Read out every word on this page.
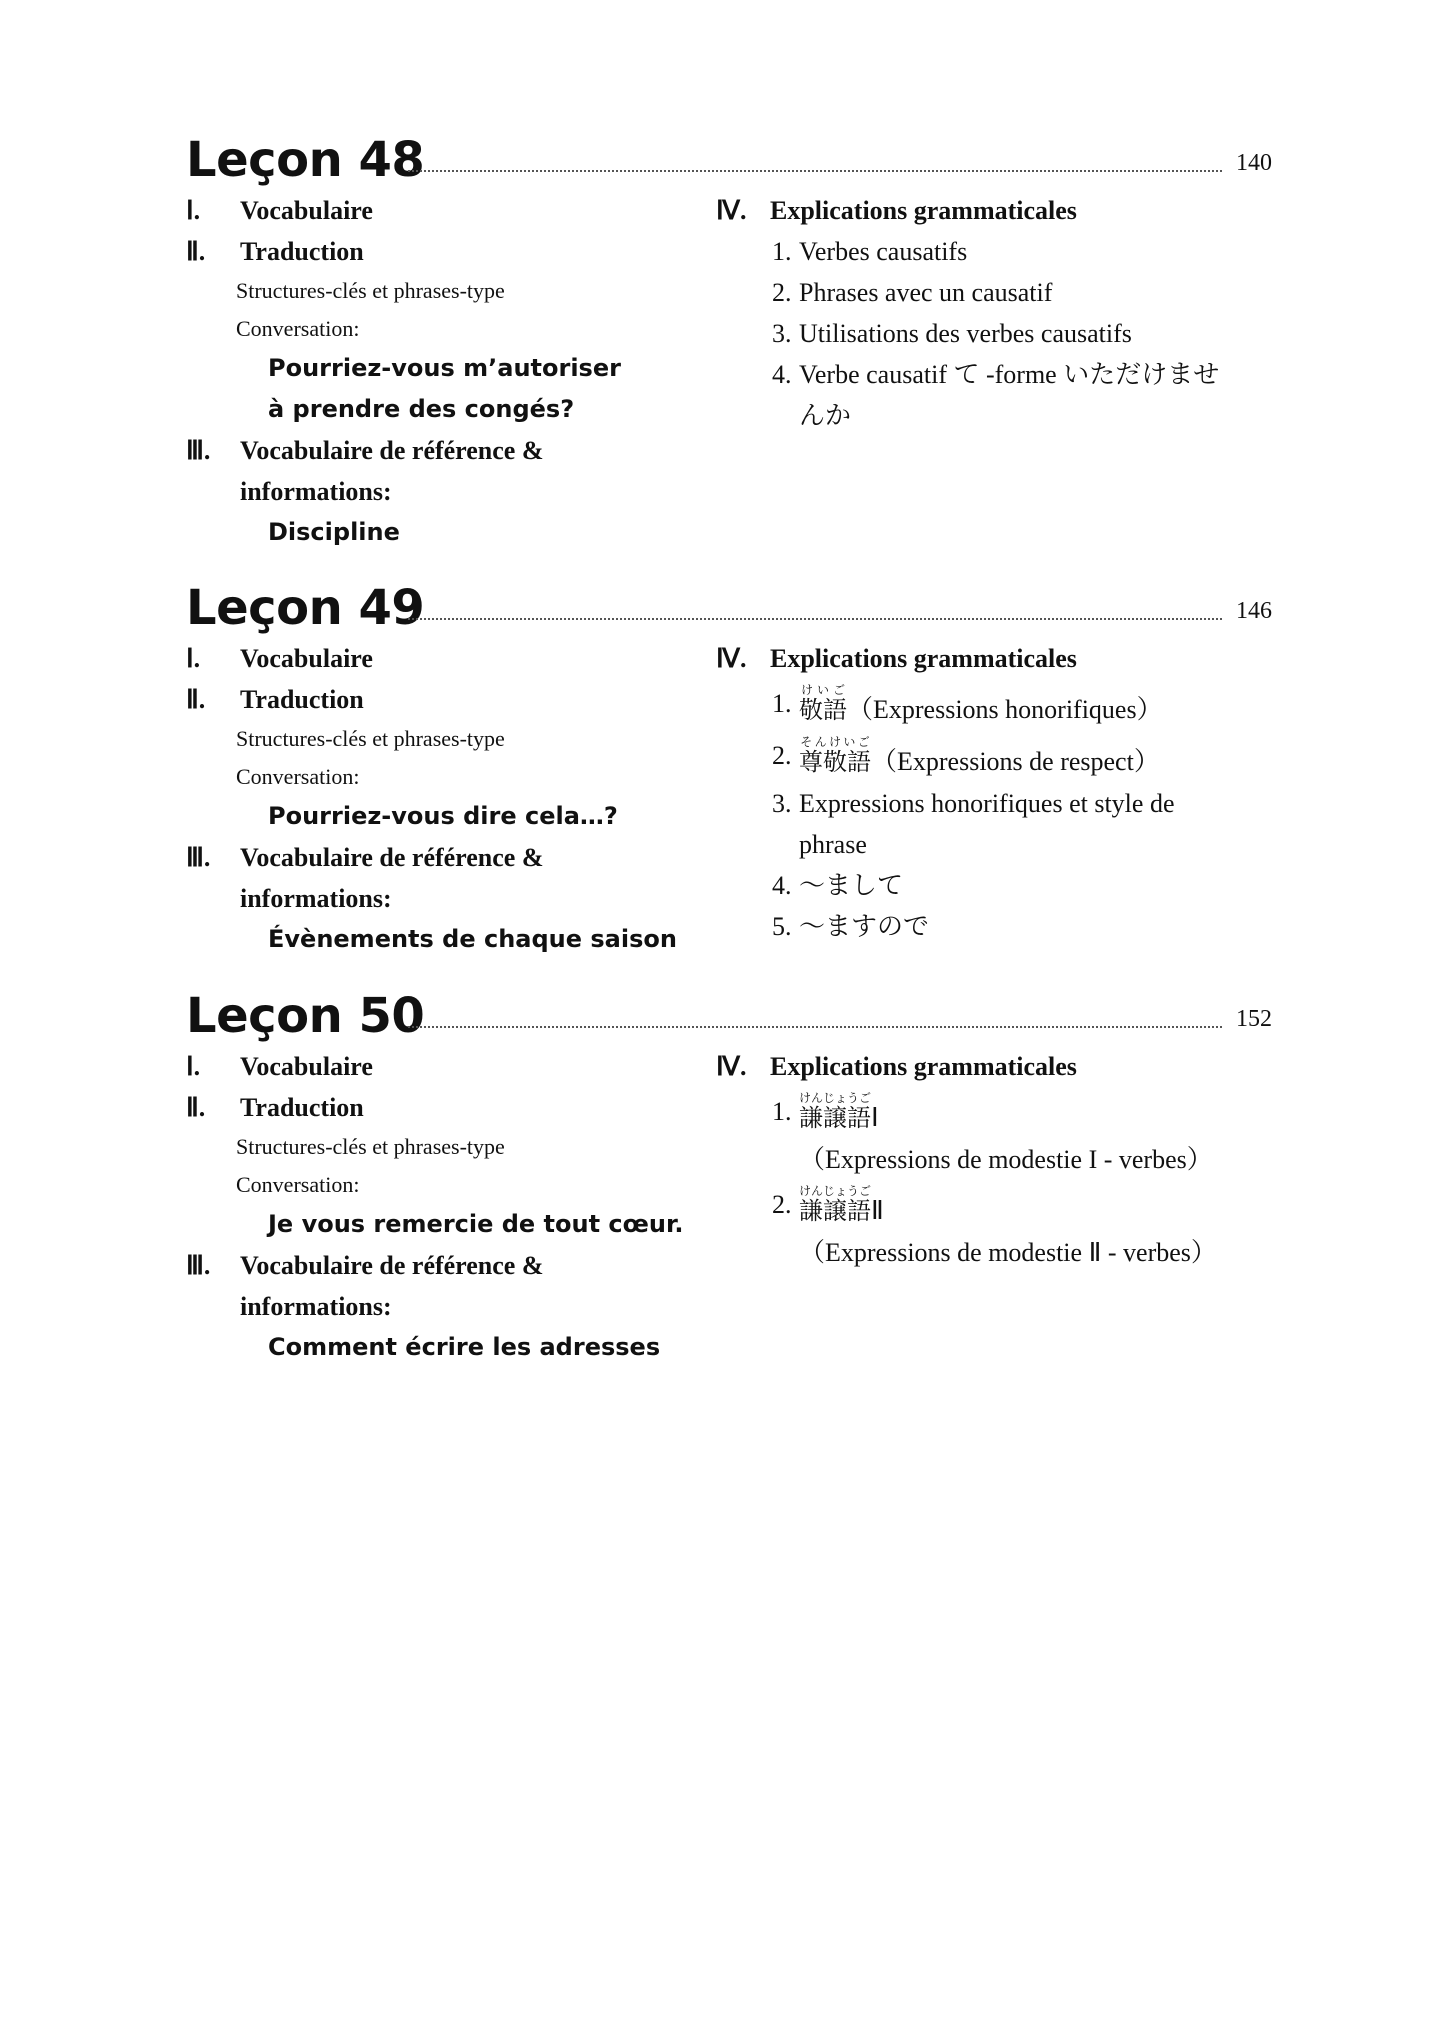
Leçon 48	140
Ⅰ.	Vocabulaire
Ⅱ.	Traduction
Structures-clés et phrases-type
Conversation:
Pourriez-vous m’autoriser
à prendre des congés?
Ⅲ.	Vocabulaire de référence &
informations:
Discipline
Ⅳ. Explications grammaticales
1. Verbes causatifs
2. Phrases avec un causatif
3. Utilisations des verbes causatifs
4. Verbe causatif て -forme いただけませ
んか
Leçon 49	146
Ⅰ.	Vocabulaire
Ⅱ.	Traduction
Structures-clés et phrases-type
Conversation:
Pourriez-vous dire cela…?
Ⅲ.	Vocabulaire de référence &
informations:
Évènements de chaque saison
Ⅳ. Explications grammaticales
1. 敬語けいご（Expressions honorifiques）
2. 尊敬語そんけいご（Expressions de respect）
3. Expressions honorifiques et style de
phrase
4. ～まして
5. ～ますので
Leçon 50	152
Ⅰ.	Vocabulaire
Ⅱ.	Traduction
Structures-clés et phrases-type
Conversation:
Je vous remercie de tout cœur.
Ⅲ.	Vocabulaire de référence &
informations:
Comment écrire les adresses
Ⅳ. Explications grammaticales
1. 謙譲語けんじょうごⅠ
（Expressions de modestie I - verbes）
2. 謙譲語けんじょうごⅡ
（Expressions de modestie Ⅱ - verbes）
